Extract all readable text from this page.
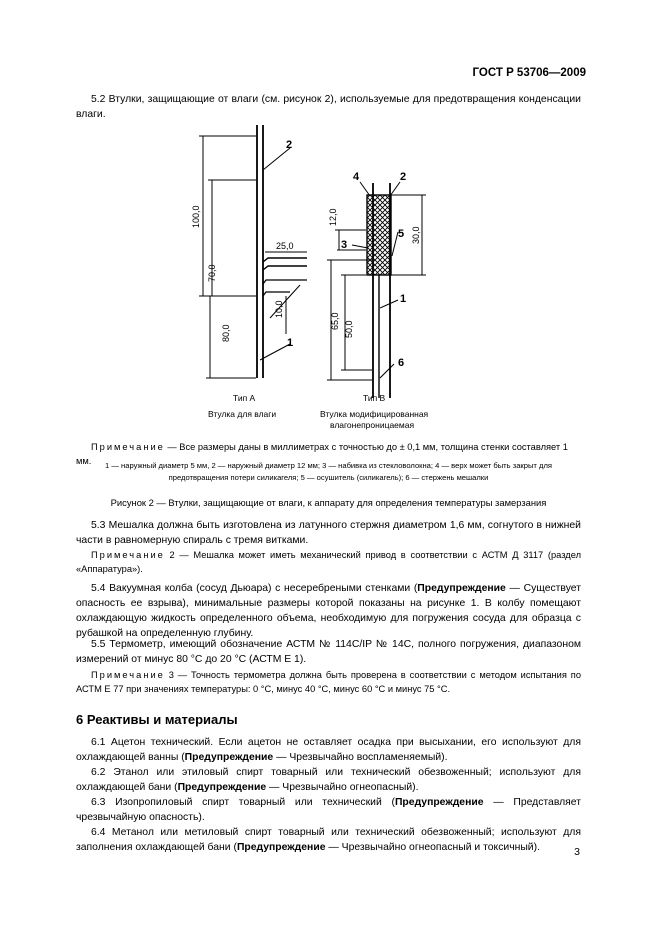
ГОСТ Р 53706—2009
5.2 Втулки, защищающие от влаги (см. рисунок 2), используемые для предотвращения конденсации влаги.
100,0
70,0
80,0
25,0
10,0
12,0
30,0
65,0 50,0
2
1
4	2
3
5
1
6
Тип А	Тип В
Втулка для влаги	Втулка модифицированная
влагонепроницаемая
Примечание — Все размеры даны в миллиметрах с точностью до ± 0,1 мм, толщина стенки составляет 1 мм.	1 — наружный диаметр 5 мм, 2 — наружный диаметр 12 мм; 3 — набивка из стекловолокна; 4 — верх может быть закрыт для предотвращения потери силикагеля; 5 — осушитель (силикагель); 6 — стержень мешалки
Рисунок 2 — Втулки, защищающие от влаги, к аппарату для определения температуры замерзания
5.3 Мешалка должна быть изготовлена из латунного стержня диаметром 1,6 мм, согнутого в нижней части в равномерную спираль с тремя витками.
Примечание 2 — Мешалка может иметь механический привод в соответствии с АСТМ Д 3117 (раздел «Аппаратура»).
5.4 Вакуумная колба (сосуд Дьюара) с несеребреными стенками (Предупреждение — Существует опасность ее взрыва), минимальные размеры которой показаны на рисунке 1. В колбу помещают охлаждающую жидкость определенного объема, необходимую для погружения сосуда для образца с рубашкой на определенную глубину.
5.5 Термометр, имеющий обозначение АСТМ № 114С/IP № 14С, полного погружения, диапазоном измерений от минус 80 °С до 20 °С (АСТМ Е 1).
Примечание 3 — Точность термометра должна быть проверена в соответствии с методом испытания по АСТМ Е 77 при значениях температуры: 0 °С, минус 40 °С, минус 60 °С и минус 75 °С.
6 Реактивы и материалы
6.1 Ацетон технический. Если ацетон не оставляет осадка при высыхании, его используют для охлаждающей ванны (Предупреждение — Чрезвычайно воспламеняемый).
6.2 Этанол или этиловый спирт товарный или технический обезвоженный; используют для охлаждающей бани (Предупреждение — Чрезвычайно огнеопасный).
6.3 Изопропиловый спирт товарный или технический (Предупреждение — Представляет чрезвычайную опасность).
6.4 Метанол или метиловый спирт товарный или технический обезвоженный; используют для заполнения охлаждающей бани (Предупреждение — Чрезвычайно огнеопасный и токсичный).	3
